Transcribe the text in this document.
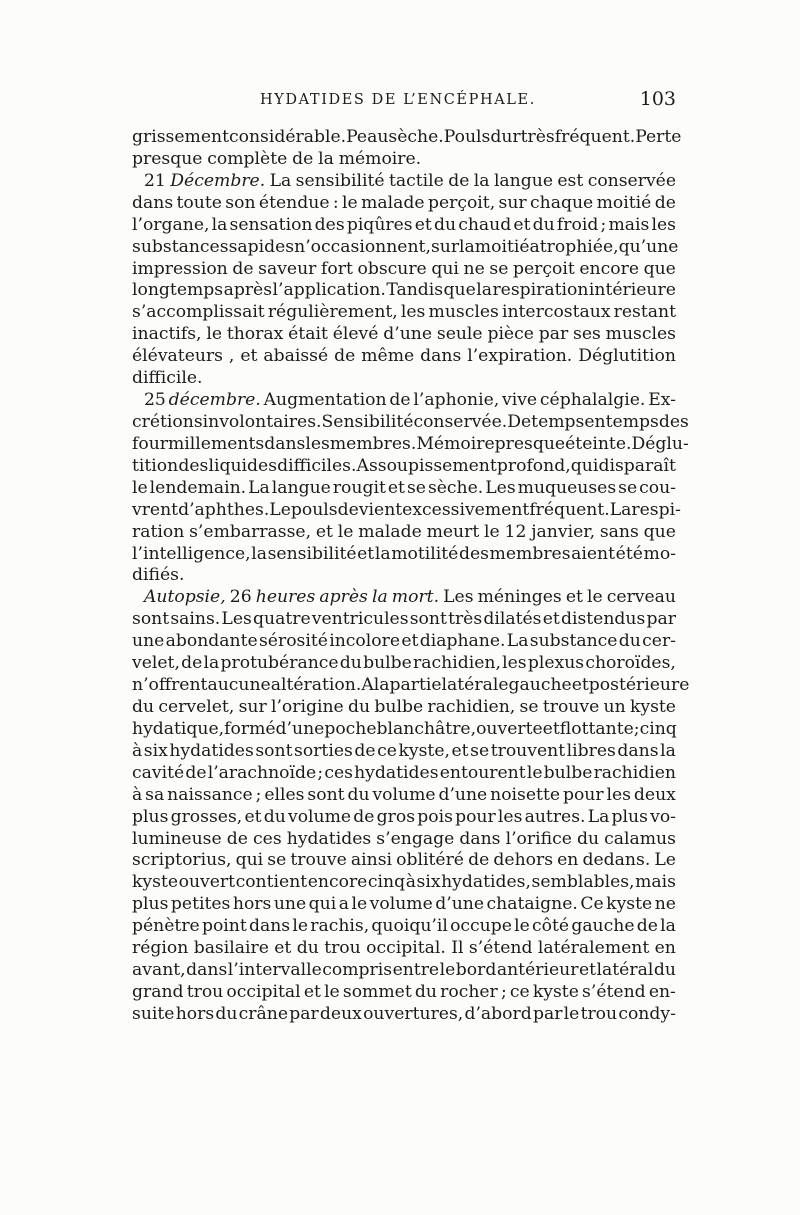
HYDATIDES DE L’ENCÉPHALE.	103
grissement considérable. Peau sèche. Pouls dur très fréquent. Perte
presque complète de la mémoire.
21 Décembre. La sensibilité tactile de la langue est conservée
dans toute son étendue : le malade perçoit, sur chaque moitié de
l’organe, la sensation des piqûres et du chaud et du froid ; mais les
substances sapides n’occasionnent , sur la moitié atrophiée, qu’une
impression de saveur fort obscure qui ne se perçoit encore que
longtemps après l’application. Tandis que la respiration intérieure
s’accomplissait régulièrement, les muscles intercostaux restant
inactifs, le thorax était élevé d’une seule pièce par ses muscles
élévateurs , et abaissé de même dans l’expiration. Déglutition
difficile.
25 décembre. Augmentation de l’aphonie, vive céphalalgie. Ex-
crétions involontaires. Sensibilité conservée. De temps en temps des
fourmillements dans les membres. Mémoire presque éteinte. Déglu-
tition des liquides difficiles. Assoupissement profond, qui disparaît
le lendemain. La langue rougit et se sèche. Les muqueuses se cou-
vrent d’aphthes. Le pouls devient excessivement fréquent. La respi-
ration s’embarrasse, et le malade meurt le 12 janvier, sans que
l’intelligence, la sensibilité et la motilité des membres aient été mo-
difiés.
Autopsie, 26 heures après la mort. Les méninges et le cerveau
sont sains. Les quatre ventricules sont très dilatés et distendus par
une abondante sérosité incolore et diaphane. La substance du cer-
velet, de la protubérance du bulbe rachidien, les plexus choroïdes,
n’offrent aucune altération. A la partie latérale gauche et postérieure
du cervelet, sur l’origine du bulbe rachidien, se trouve un kyste
hydatique, formé d’une poche blanchâtre, ouverte et flottante ; cinq
à six hydatides sont sorties de ce kyste, et se trouvent libres dans la
cavité de l’arachnoïde ; ces hydatides entourent le bulbe rachidien
à sa naissance ; elles sont du volume d’une noisette pour les deux
plus grosses, et du volume de gros pois pour les autres. La plus vo-
lumineuse de ces hydatides s’engage dans l’orifice du calamus
scriptorius, qui se trouve ainsi oblitéré de dehors en dedans. Le
kyste ouvert contient encore cinq à six hydatides, semblables, mais
plus petites hors une qui a le volume d’une chataigne. Ce kyste ne
pénètre point dans le rachis, quoiqu’il occupe le côté gauche de la
région basilaire et du trou occipital. Il s’étend latéralement en
avant, dans l’intervalle compris entre le bord antérieur et latéral du
grand trou occipital et le sommet du rocher ; ce kyste s’étend en-
suite hors du crâne par deux ouvertures, d’abord par le trou condy-
